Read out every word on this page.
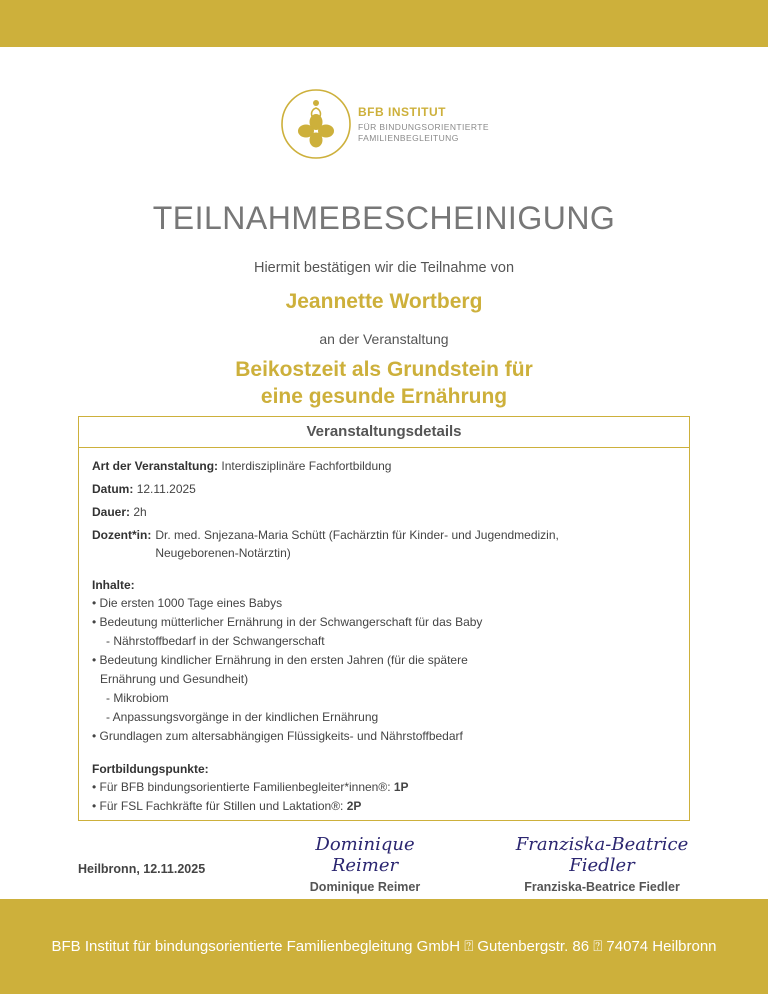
BFB INSTITUT
FÜR BINDUNGSORIENTIERTE
FAMILIENBEGLEITUNG
TEILNAHMEBESCHEINIGUNG
Hiermit bestätigen wir die Teilnahme von
Jeannette Wortberg
an der Veranstaltung
Beikostzeit als Grundstein für
eine gesunde Ernährung
Veranstaltungsdetails
Art der Veranstaltung: Interdisziplinäre Fachfortbildung
Datum: 12.11.2025
Dauer: 2h
Dozent*in: Dr. med. Snjezana-Maria Schütt (Fachärztin für Kinder- und Jugendmedizin,
Neugeborenen-Notärztin)
Inhalte:
• Die ersten 1000 Tage eines Babys
• Bedeutung mütterlicher Ernährung in der Schwangerschaft für das Baby
- Nährstoffbedarf in der Schwangerschaft
• Bedeutung kindlicher Ernährung in den ersten Jahren (für die spätere
Ernährung und Gesundheit)
- Mikrobiom
- Anpassungsvorgänge in der kindlichen Ernährung
• Grundlagen zum altersabhängigen Flüssigkeits- und Nährstoffbedarf
Fortbildungspunkte:
• Für BFB bindungsorientierte Familienbegleiter*innen®: 1P
• Für FSL Fachkräfte für Stillen und Laktation®: 2P
Heilbronn, 12.11.2025
Dominique Reimer
Dominique Reimer
Franziska-Beatrice Fiedler
Franziska-Beatrice Fiedler
BFB Institut für bindungsorientierte Familienbegleitung GmbH ⍰ Gutenbergstr. 86 ⍰ 74074 Heilbronn
